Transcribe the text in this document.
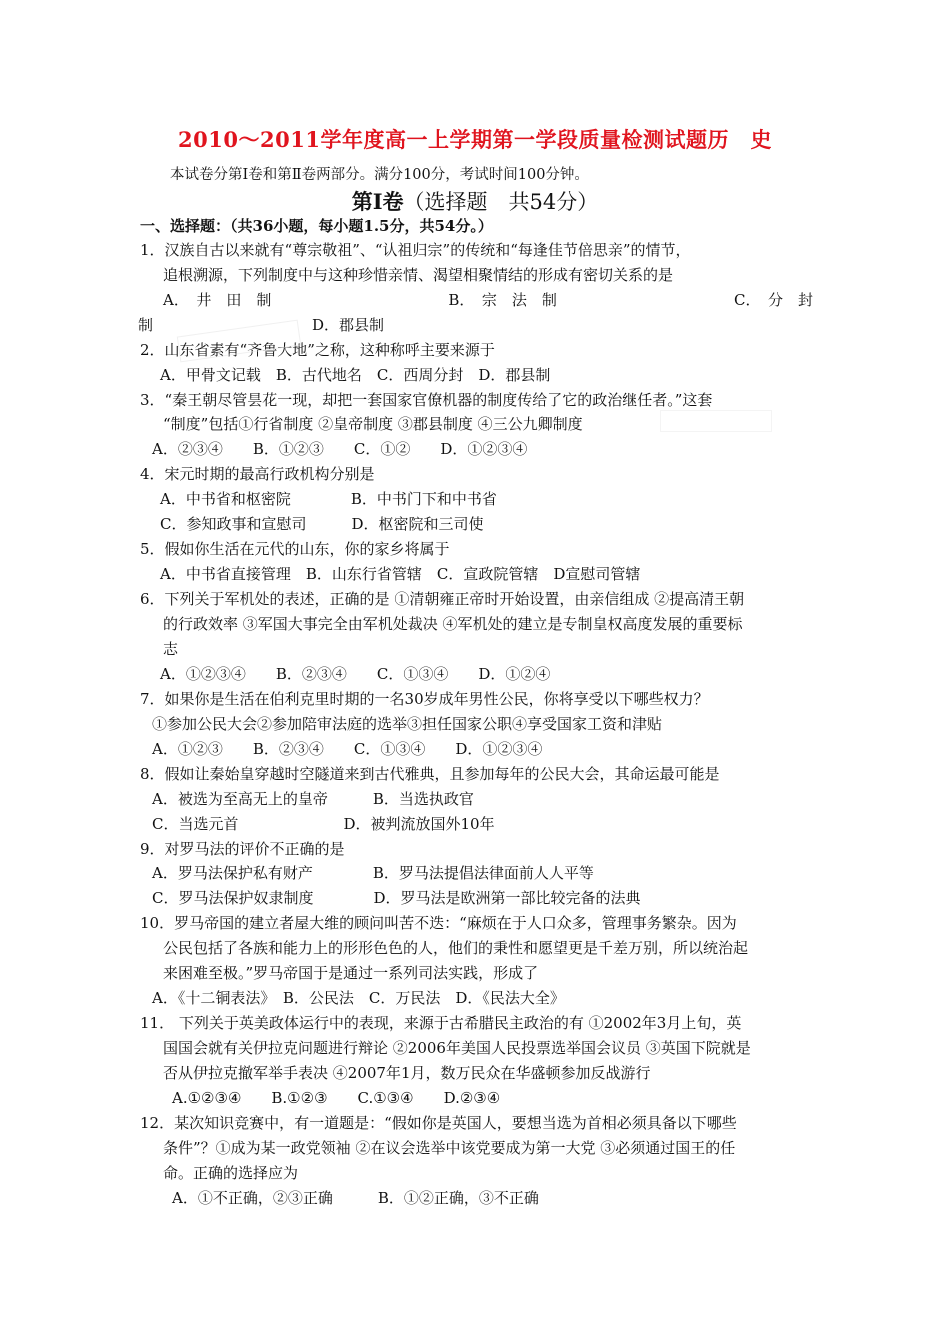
2010～2011学年度高一上学期第一学段质量检测试题历　史
本试卷分第Ⅰ卷和第Ⅱ卷两部分。满分100分，考试时间100分钟。
第Ⅰ卷（选择题　共54分）
一、选择题：（共36小题，每小题1.5分，共54分。）
1．汉族自古以来就有“尊宗敬祖”、“认祖归宗”的传统和“每逢佳节倍思亲”的情节，
追根溯源，下列制度中与这种珍惜亲情、渴望相聚情结的形成有密切关系的是
A．　井　田　制	B．　宗　法　制	C．　分　封
制	D．郡县制
2．山东省素有“齐鲁大地”之称，这种称呼主要来源于
A．甲骨文记载　B．古代地名　C．西周分封　D．郡县制
3．“秦王朝尽管昙花一现，却把一套国家官僚机器的制度传给了它的政治继任者。”这套
“制度”包括①行省制度 ②皇帝制度 ③郡县制度 ④三公九卿制度
A．②③④　　B．①②③　　C．①②　　D．①②③④
4．宋元时期的最高行政机构分别是
A．中书省和枢密院　　　　B．中书门下和中书省
C．参知政事和宣慰司　　　D．枢密院和三司使
5．假如你生活在元代的山东，你的家乡将属于
A．中书省直接管理　B．山东行省管辖　C．宣政院管辖　D宣慰司管辖
6．下列关于军机处的表述，正确的是 ①清朝雍正帝时开始设置，由亲信组成 ②提高清王朝
的行政效率 ③军国大事完全由军机处裁决 ④军机处的建立是专制皇权高度发展的重要标
志
A．①②③④　　B．②③④　　C．①③④　　D．①②④
7．如果你是生活在伯利克里时期的一名30岁成年男性公民，你将享受以下哪些权力？
①参加公民大会②参加陪审法庭的选举③担任国家公职④享受国家工资和津贴
A．①②③　　B．②③④　　C．①③④　　D．①②③④
8．假如让秦始皇穿越时空隧道来到古代雅典，且参加每年的公民大会，其命运最可能是
A．被选为至高无上的皇帝　　　B．当选执政官
C．当选元首　　　　　　　D．被判流放国外10年
9．对罗马法的评价不正确的是
A．罗马法保护私有财产　　　　B．罗马法提倡法律面前人人平等
C．罗马法保护奴隶制度　　　　D．罗马法是欧洲第一部比较完备的法典
10．罗马帝国的建立者屋大维的顾问叫苦不迭：“麻烦在于人口众多，管理事务繁杂。因为
公民包括了各族和能力上的形形色色的人，他们的秉性和愿望更是千差万别，所以统治起
来困难至极。”罗马帝国于是通过一系列司法实践，形成了
A．《十二铜表法》　B．公民法　C．万民法　D．《民法大全》
11． 下列关于英美政体运行中的表现，来源于古希腊民主政治的有 ①2002年3月上旬，英
国国会就有关伊拉克问题进行辩论 ②2006年美国人民投票选举国会议员 ③英国下院就是
否从伊拉克撤军举手表决 ④2007年1月，数万民众在华盛顿参加反战游行
A.①②③④　　B.①②③　　C.①③④　　D.②③④
12．某次知识竞赛中，有一道题是：“假如你是英国人，要想当选为首相必须具备以下哪些
条件”？①成为某一政党领袖 ②在议会选举中该党要成为第一大党 ③必须通过国王的任
命。正确的选择应为
A．①不正确，②③正确　　　B．①②正确，③不正确
